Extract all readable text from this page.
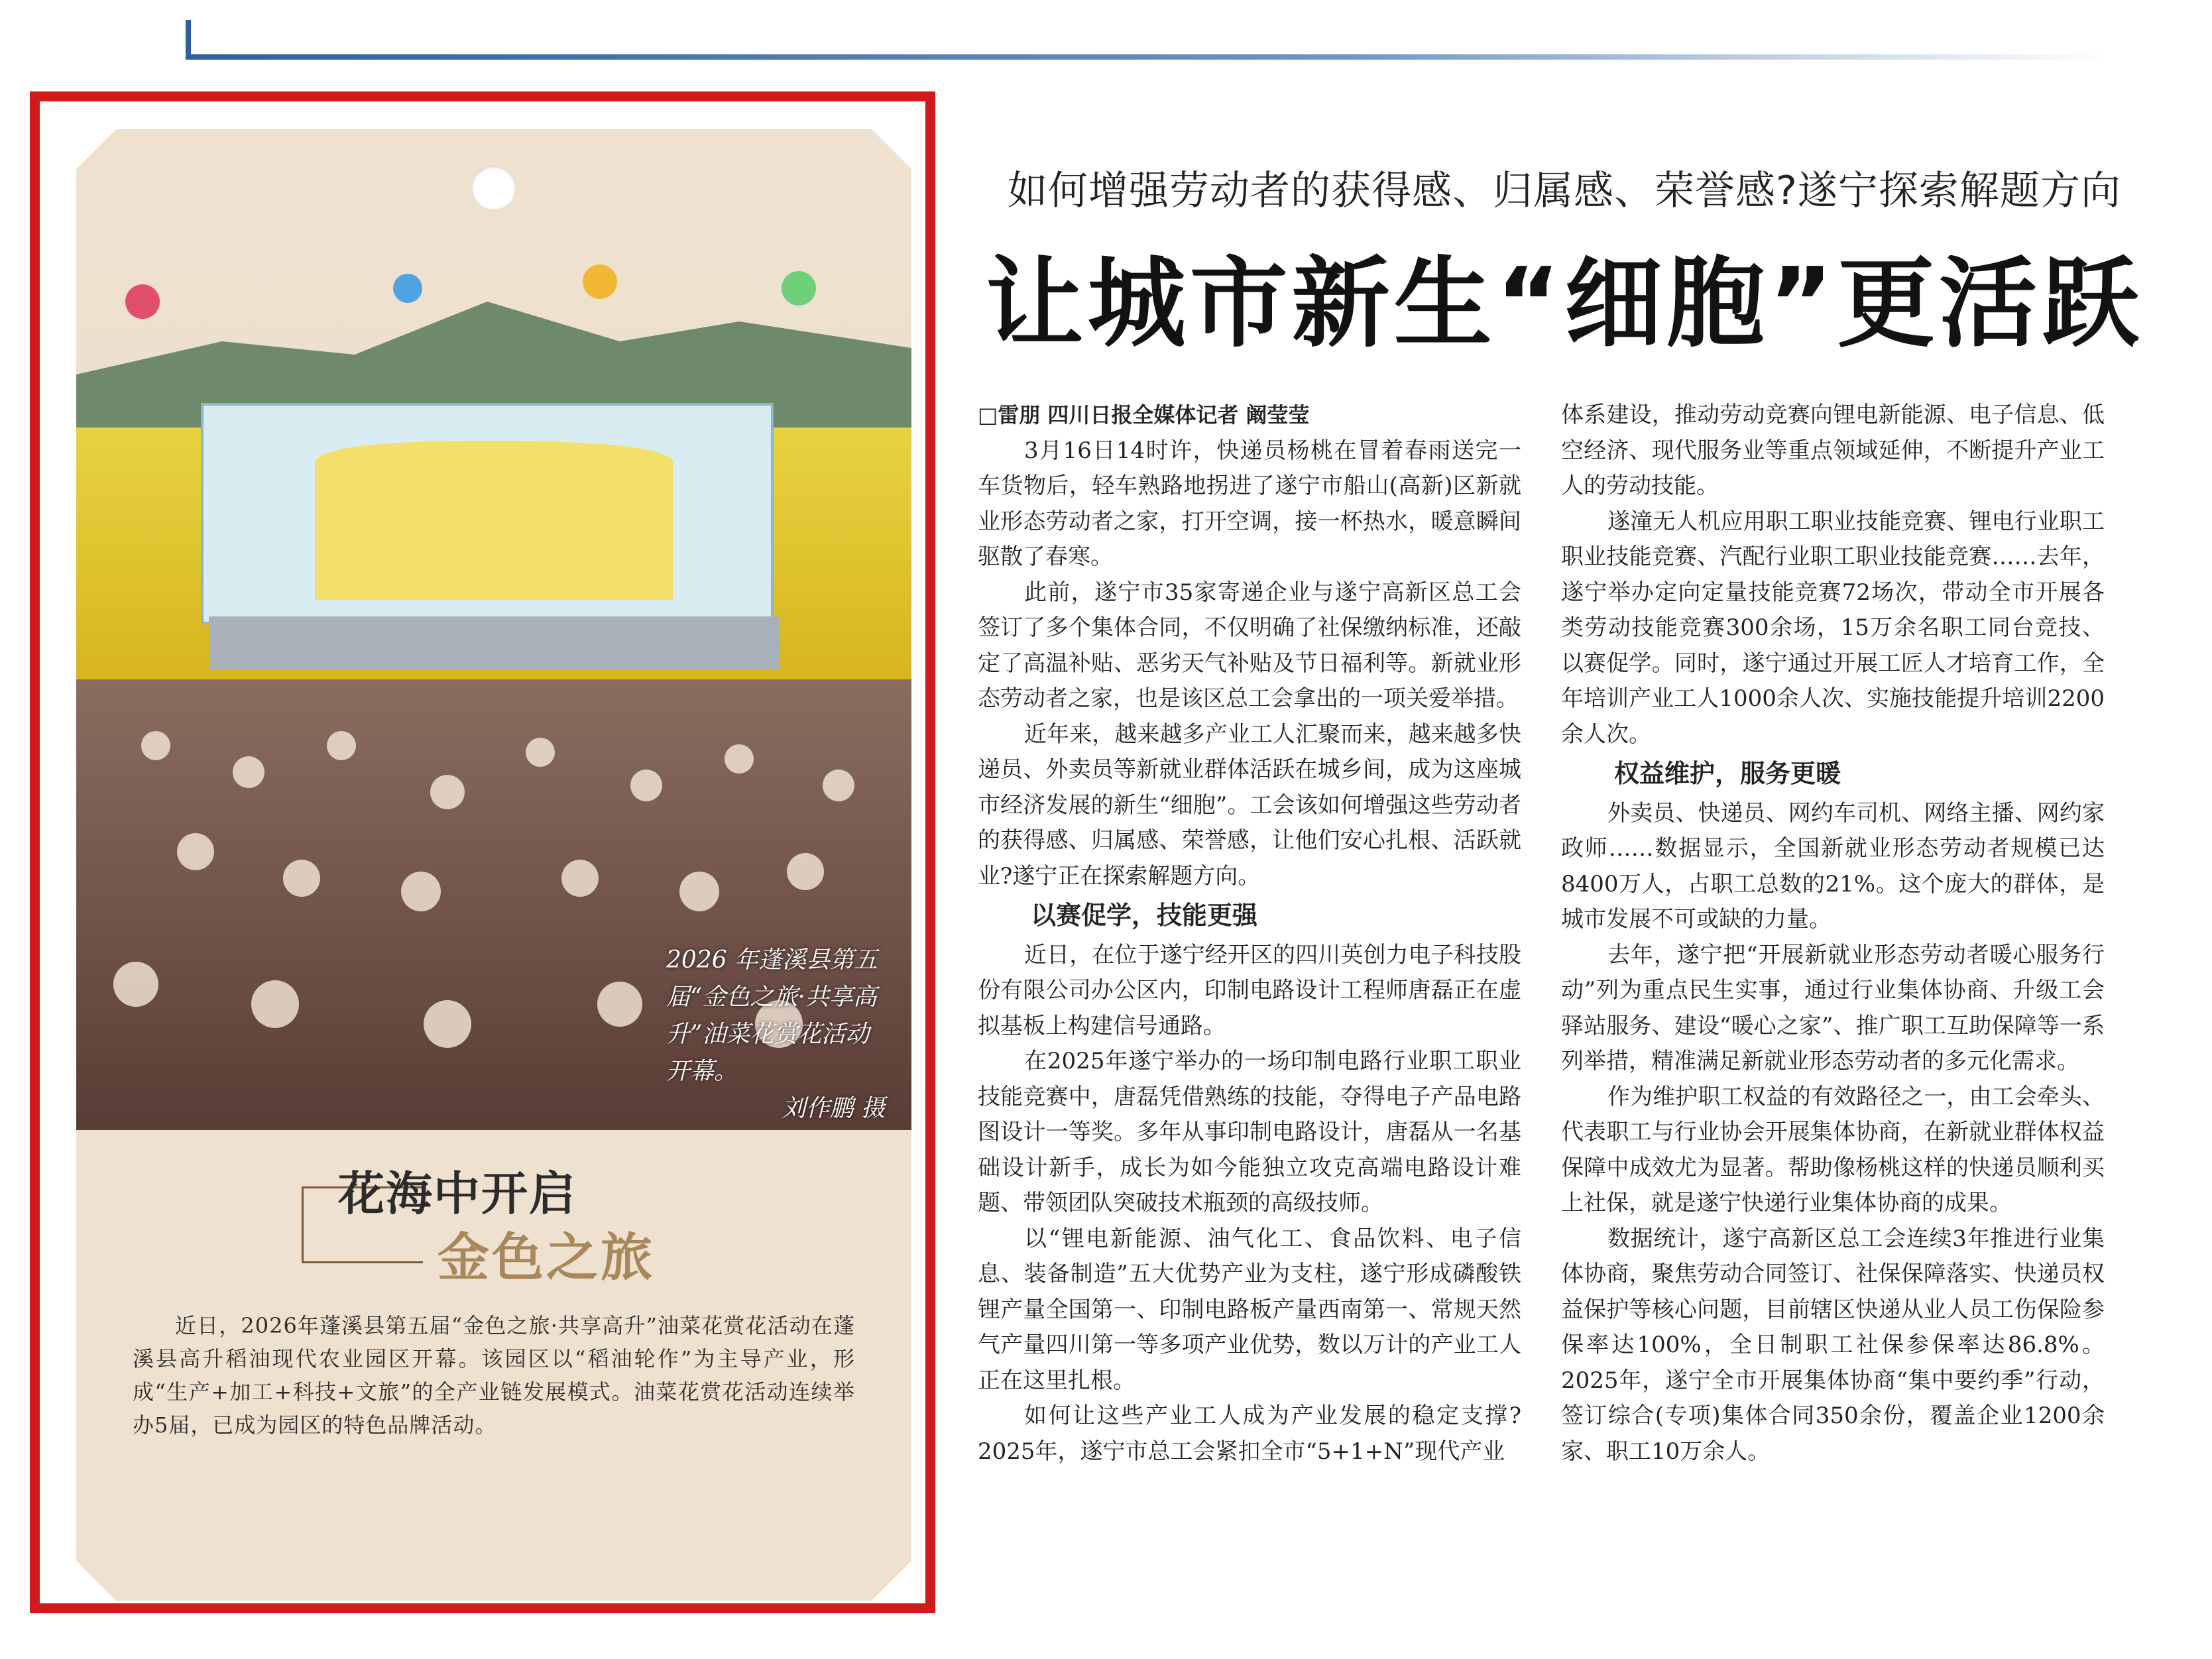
2026 年蓬溪县第五届“金色之旅·共享高升”油菜花赏花活动开幕。
刘作鹏 摄
花海中开启
金色之旅
近日，2026年蓬溪县第五届“金色之旅·共享高升”油菜花赏花活动在蓬溪县高升稻油现代农业园区开幕。该园区以“稻油轮作”为主导产业，形成“生产+加工+科技+文旅”的全产业链发展模式。油菜花赏花活动连续举办5届，已成为园区的特色品牌活动。
如何增强劳动者的获得感、归属感、荣誉感?遂宁探索解题方向
让城市新生“细胞”更活跃

□雷朋 四川日报全媒体记者 阚莹莹

3月16日14时许，快递员杨桃在冒着春雨送完一车货物后，轻车熟路地拐进了遂宁市船山(高新)区新就业形态劳动者之家，打开空调，接一杯热水，暖意瞬间驱散了春寒。

此前，遂宁市35家寄递企业与遂宁高新区总工会签订了多个集体合同，不仅明确了社保缴纳标准，还敲定了高温补贴、恶劣天气补贴及节日福利等。新就业形态劳动者之家，也是该区总工会拿出的一项关爱举措。

近年来，越来越多产业工人汇聚而来，越来越多快递员、外卖员等新就业群体活跃在城乡间，成为这座城市经济发展的新生“细胞”。工会该如何增强这些劳动者的获得感、归属感、荣誉感，让他们安心扎根、活跃就业?遂宁正在探索解题方向。

以赛促学，技能更强

近日，在位于遂宁经开区的四川英创力电子科技股份有限公司办公区内，印制电路设计工程师唐磊正在虚拟基板上构建信号通路。

在2025年遂宁举办的一场印制电路行业职工职业技能竞赛中，唐磊凭借熟练的技能，夺得电子产品电路图设计一等奖。多年从事印制电路设计，唐磊从一名基础设计新手，成长为如今能独立攻克高端电路设计难题、带领团队突破技术瓶颈的高级技师。

以“锂电新能源、油气化工、食品饮料、电子信息、装备制造”五大优势产业为支柱，遂宁形成磷酸铁锂产量全国第一、印制电路板产量西南第一、常规天然气产量四川第一等多项产业优势，数以万计的产业工人正在这里扎根。

如何让这些产业工人成为产业发展的稳定支撑?2025年，遂宁市总工会紧扣全市“5+1+N”现代产业

体系建设，推动劳动竞赛向锂电新能源、电子信息、低空经济、现代服务业等重点领域延伸，不断提升产业工人的劳动技能。

遂潼无人机应用职工职业技能竞赛、锂电行业职工职业技能竞赛、汽配行业职工职业技能竞赛……去年，遂宁举办定向定量技能竞赛72场次，带动全市开展各类劳动技能竞赛300余场，15万余名职工同台竞技、以赛促学。同时，遂宁通过开展工匠人才培育工作，全年培训产业工人1000余人次、实施技能提升培训2200余人次。

权益维护，服务更暖

外卖员、快递员、网约车司机、网络主播、网约家政师……数据显示，全国新就业形态劳动者规模已达8400万人，占职工总数的21%。这个庞大的群体，是城市发展不可或缺的力量。

去年，遂宁把“开展新就业形态劳动者暖心服务行动”列为重点民生实事，通过行业集体协商、升级工会驿站服务、建设“暖心之家”、推广职工互助保障等一系列举措，精准满足新就业形态劳动者的多元化需求。

作为维护职工权益的有效路径之一，由工会牵头、代表职工与行业协会开展集体协商，在新就业群体权益保障中成效尤为显著。帮助像杨桃这样的快递员顺利买上社保，就是遂宁快递行业集体协商的成果。

数据统计，遂宁高新区总工会连续3年推进行业集体协商，聚焦劳动合同签订、社保保障落实、快递员权益保护等核心问题，目前辖区快递从业人员工伤保险参保率达100%，全日制职工社保参保率达86.8%。2025年，遂宁全市开展集体协商“集中要约季”行动，签订综合(专项)集体合同350余份，覆盖企业1200余家、职工10万余人。
